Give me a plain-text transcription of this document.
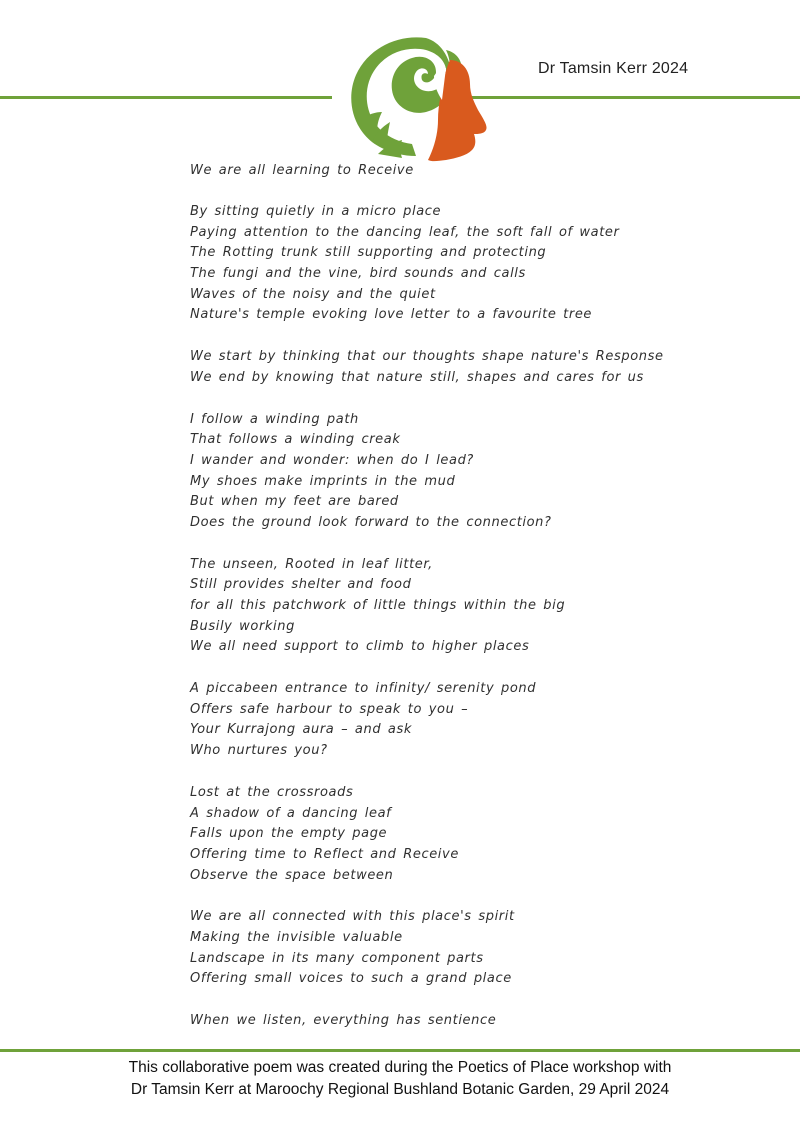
Dr Tamsin Kerr 2024
We are all learning to Receive
By sitting quietly in a micro place
Paying attention to the dancing leaf, the soft fall of water
The Rotting trunk still supporting and protecting
The fungi and the vine, bird sounds and calls
Waves of the noisy and the quiet
Nature's temple evoking love letter to a favourite tree
We start by thinking that our thoughts shape nature's Response
We end by knowing that nature still, shapes and cares for us
I follow a winding path
That follows a winding creak
I wander and wonder: when do I lead?
My shoes make imprints in the mud
But when my feet are bared
Does the ground look forward to the connection?
The unseen, Rooted in leaf litter,
Still provides shelter and food
for all this patchwork of little things within the big
Busily working
We all need support to climb to higher places
A piccabeen entrance to infinity/ serenity pond
Offers safe harbour to speak to you –
Your Kurrajong aura – and ask
Who nurtures you?
Lost at the crossroads
A shadow of a dancing leaf
Falls upon the empty page
Offering time to Reflect and Receive
Observe the space between
We are all connected with this place's spirit
Making the invisible valuable
Landscape in its many component parts
Offering small voices to such a grand place
When we listen, everything has sentience
This collaborative poem was created during the Poetics of Place workshop with
Dr Tamsin Kerr at Maroochy Regional Bushland Botanic Garden, 29 April 2024
